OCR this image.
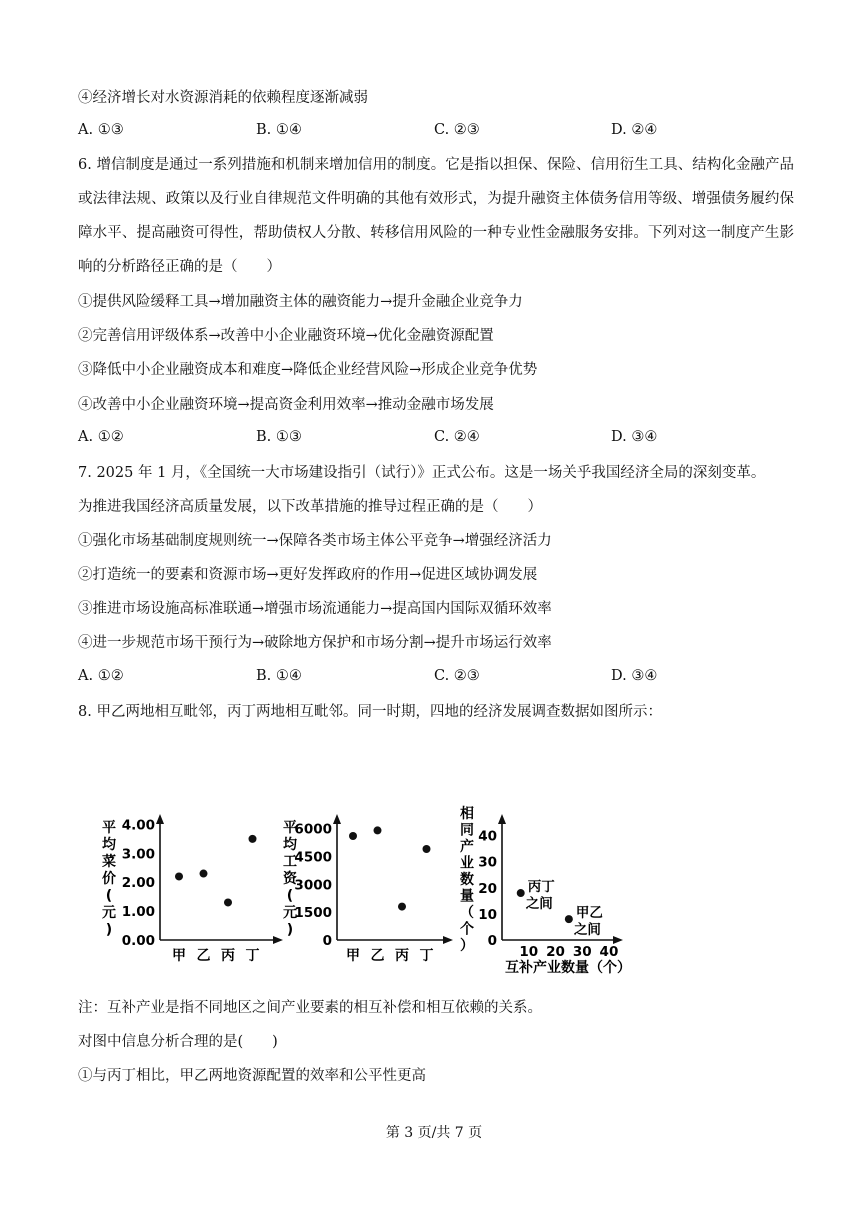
④经济增长对水资源消耗的依赖程度逐渐减弱
A. ①③	B. ①④	C. ②③	D. ②④
6. 增信制度是通过一系列措施和机制来增加信用的制度。它是指以担保、保险、信用衍生工具、结构化金融产品或法律法规、政策以及行业自律规范文件明确的其他有效形式，为提升融资主体债务信用等级、增强债务履约保障水平、提高融资可得性，帮助债权人分散、转移信用风险的一种专业性金融服务安排。下列对这一制度产生影响的分析路径正确的是（　　）
①提供风险缓释工具→增加融资主体的融资能力→提升金融企业竞争力
②完善信用评级体系→改善中小企业融资环境→优化金融资源配置
③降低中小企业融资成本和难度→降低企业经营风险→形成企业竞争优势
④改善中小企业融资环境→提高资金利用效率→推动金融市场发展
A. ①②	B. ①③	C. ②④	D. ③④
7. 2025 年 1 月，《全国统一大市场建设指引（试行）》正式公布。这是一场关乎我国经济全局的深刻变革。
为推进我国经济高质量发展，以下改革措施的推导过程正确的是（　　）
①强化市场基础制度规则统一→保障各类市场主体公平竞争→增强经济活力
②打造统一的要素和资源市场→更好发挥政府的作用→促进区域协调发展
③推进市场设施高标准联通→增强市场流通能力→提高国内国际双循环效率
④进一步规范市场干预行为→破除地方保护和市场分割→提升市场运行效率
A. ①②	B. ①④	C. ②③	D. ③④
8. 甲乙两地相互毗邻，丙丁两地相互毗邻。同一时期，四地的经济发展调查数据如图所示：
平
均
菜
价
(
元
)
0.00
1.00
2.00
3.00
4.00
甲 乙 丙 丁
平
均
工
资
(
元
)
0
1500
3000
4500
6000
甲 乙 丙 丁
相
同
产
业
数
量
（
个
） 0
10
20
30
40
10 20 30 40
互补产业数量（个）
丙丁
之间
甲乙
之间
注：互补产业是指不同地区之间产业要素的相互补偿和相互依赖的关系。
对图中信息分析合理的是(　　)
①与丙丁相比，甲乙两地资源配置的效率和公平性更高
第 3 页/共 7 页
